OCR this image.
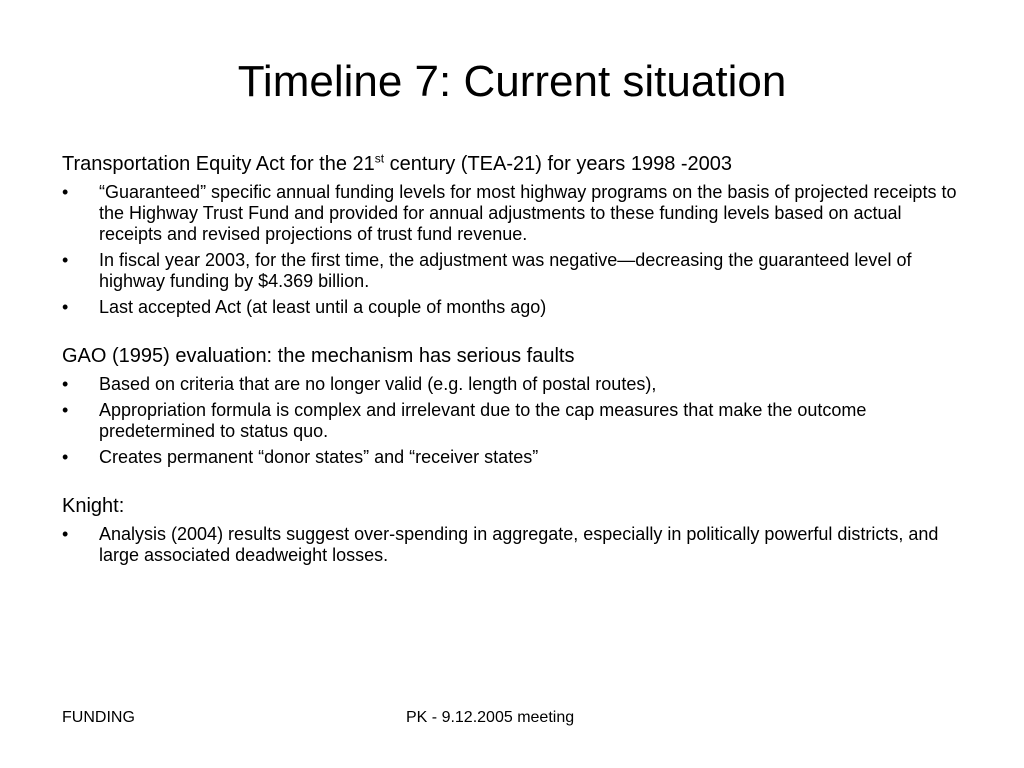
Timeline 7: Current situation

Transportation Equity Act for the 21st century (TEA-21) for years 1998 -2003

• “Guaranteed” specific annual funding levels for most highway programs on the basis of projected receipts to the Highway Trust Fund and provided for annual adjustments to these funding levels based on actual receipts and revised projections of trust fund revenue.
• In fiscal year 2003, for the first time, the adjustment was negative—decreasing the guaranteed level of highway funding by $4.369 billion.
• Last accepted Act (at least until a couple of months ago)

GAO (1995) evaluation: the mechanism has serious faults

• Based on criteria that are no longer valid (e.g. length of postal routes),
• Appropriation formula is complex and irrelevant due to the cap measures that make the outcome predetermined to status quo.
• Creates permanent “donor states” and “receiver states”

Knight:

• Analysis (2004) results suggest over-spending in aggregate, especially in politically powerful districts, and large associated deadweight losses.
FUNDING	PK - 9.12.2005 meeting
